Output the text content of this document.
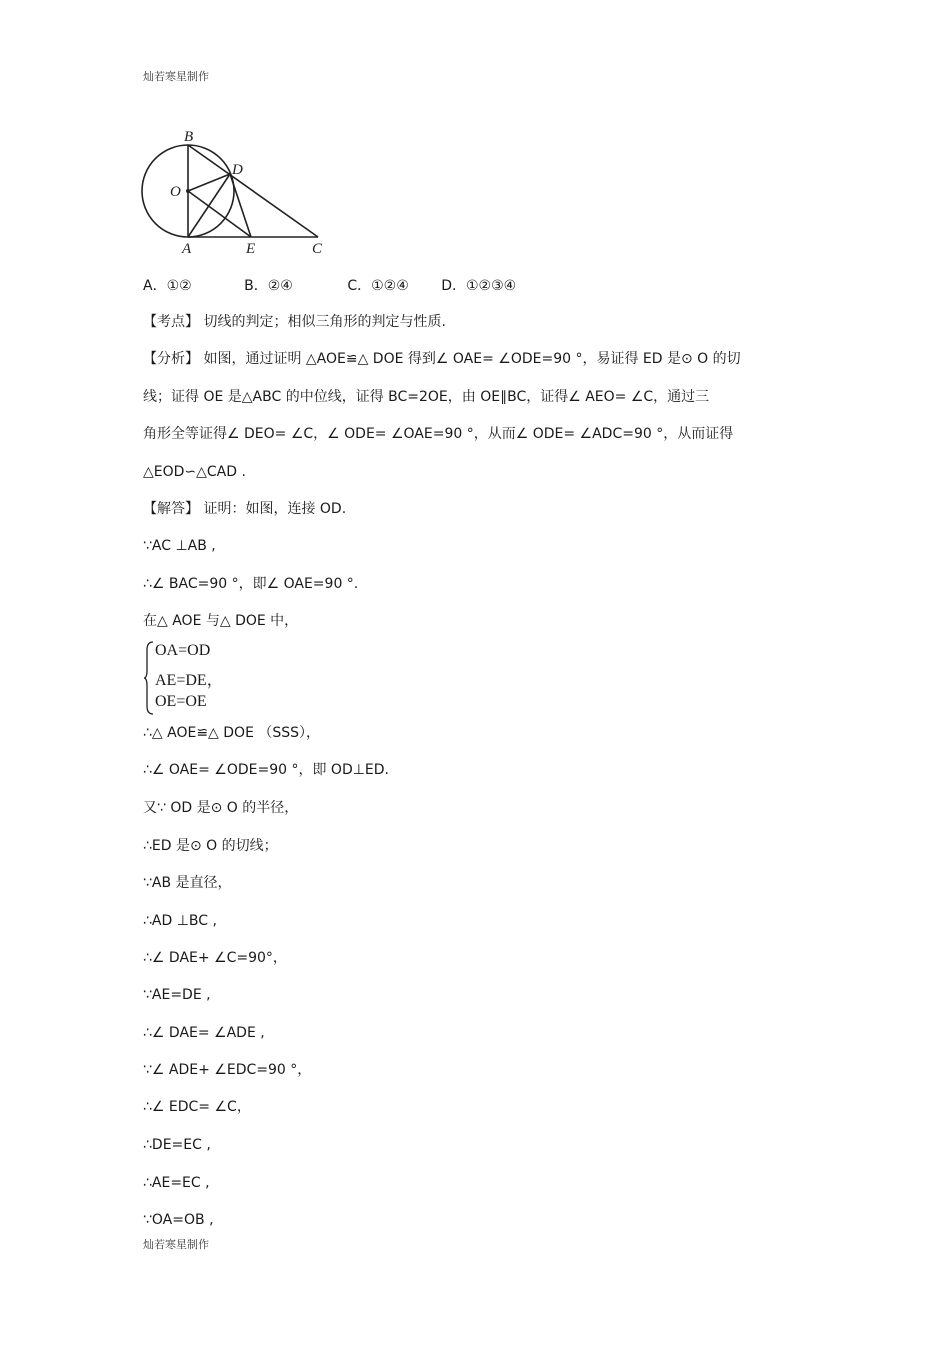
灿若寒星制作
B
D
O
A	E	C
A．①②	B．②④	C．①②④ D．①②③④
【考点】 切线的判定；相似三角形的判定与性质.
【分析】 如图，通过证明 △AOE≌△ DOE 得到∠ OAE= ∠ODE=90 °，易证得 ED 是⊙ O 的切
线；证得 OE 是△ABC 的中位线，证得 BC=2OE，由 OE∥BC，证得∠ AEO= ∠C，通过三
角形全等证得∠ DEO= ∠C，∠ ODE= ∠OAE=90 °，从而∠ ODE= ∠ADC=90 °，从而证得
△EOD∽△CAD .
【解答】 证明：如图，连接 OD.
∵AC ⊥AB ,
∴∠ BAC=90 °，即∠ OAE=90 °.
在△ AOE 与△ DOE 中，
OA=OD
AE=DE，
OE=OE
∴△ AOE≌△ DOE （SSS），
∴∠ OAE= ∠ODE=90 °，即 OD⊥ED.
又∵ OD 是⊙ O 的半径，
∴ED 是⊙ O 的切线；
∵AB 是直径，
∴AD ⊥BC ,
∴∠ DAE+ ∠C=90°，
∵AE=DE ,
∴∠ DAE= ∠ADE ,
∵∠ ADE+ ∠EDC=90 °，
∴∠ EDC= ∠C，
∴DE=EC ,
∴AE=EC ,
∵OA=OB ,
灿若寒星制作
